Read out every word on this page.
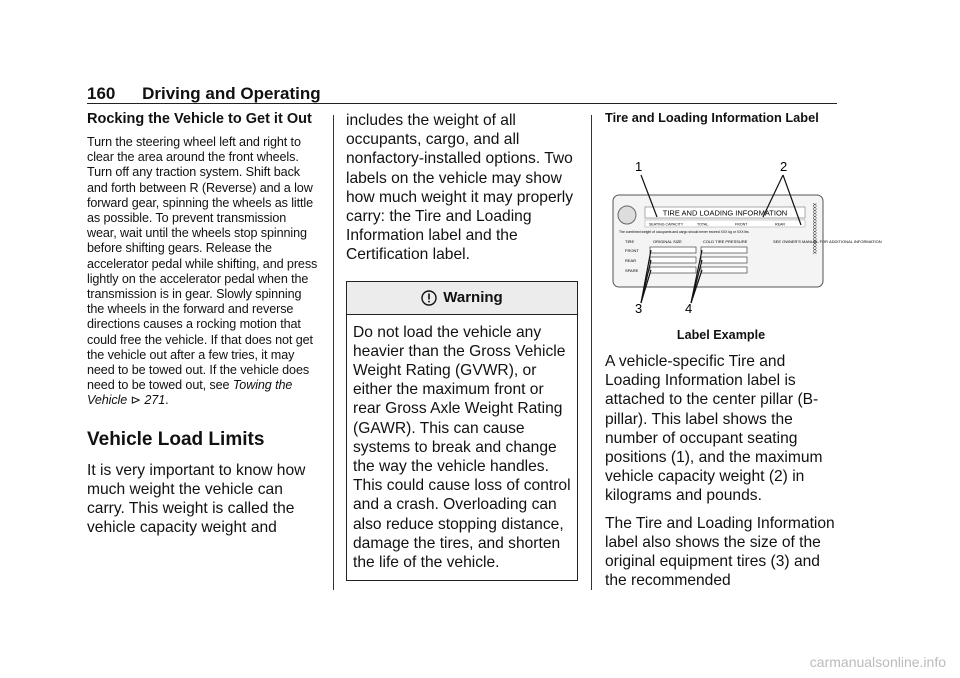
160 Driving and Operating

Rocking the Vehicle to Get it Out

Turn the steering wheel left and right to clear the area around the front wheels. Turn off any traction system. Shift back and forth between R (Reverse) and a low forward gear, spinning the wheels as little as possible. To prevent transmission wear, wait until the wheels stop spinning before shifting gears. Release the accelerator pedal while shifting, and press lightly on the accelerator pedal when the transmission is in gear. Slowly spinning the wheels in the forward and reverse directions causes a rocking motion that could free the vehicle. If that does not get the vehicle out after a few tries, it may need to be towed out. If the vehicle does need to be towed out, see Towing the Vehicle ⊳ 271.

Vehicle Load Limits

It is very important to know how much weight the vehicle can carry. This weight is called the vehicle capacity weight and

includes the weight of all occupants, cargo, and all nonfactory-installed options. Two labels on the vehicle may show how much weight it may properly carry: the Tire and Loading Information label and the Certification label.

Warning
Do not load the vehicle any heavier than the Gross Vehicle Weight Rating (GVWR), or either the maximum front or rear Gross Axle Weight Rating (GAWR). This can cause systems to break and change the way the vehicle handles. This could cause loss of control and a crash. Overloading can also reduce stopping distance, damage the tires, and shorten the life of the vehicle.

Tire and Loading Information Label

1	2
3	4
TIRE AND LOADING INFORMATION
SEATING CAPACITY	TOTAL	FRONT	REAR
The combined weight of occupants and cargo should never exceed XXX kg or XXX lbs
TIRE
FRONT
REAR
SPARE
ORIGINAL SIZE	COLD TIRE PRESSURE	SEE OWNER'S MANUAL FOR ADDITIONAL INFORMATION
XXXXXXXXXXXXXXXXX
Label Example

A vehicle-specific Tire and Loading Information label is attached to the center pillar (B-pillar). This label shows the number of occupant seating positions (1), and the maximum vehicle capacity weight (2) in kilograms and pounds.

The Tire and Loading Information label also shows the size of the original equipment tires (3) and the recommended

carmanualsonline.info
